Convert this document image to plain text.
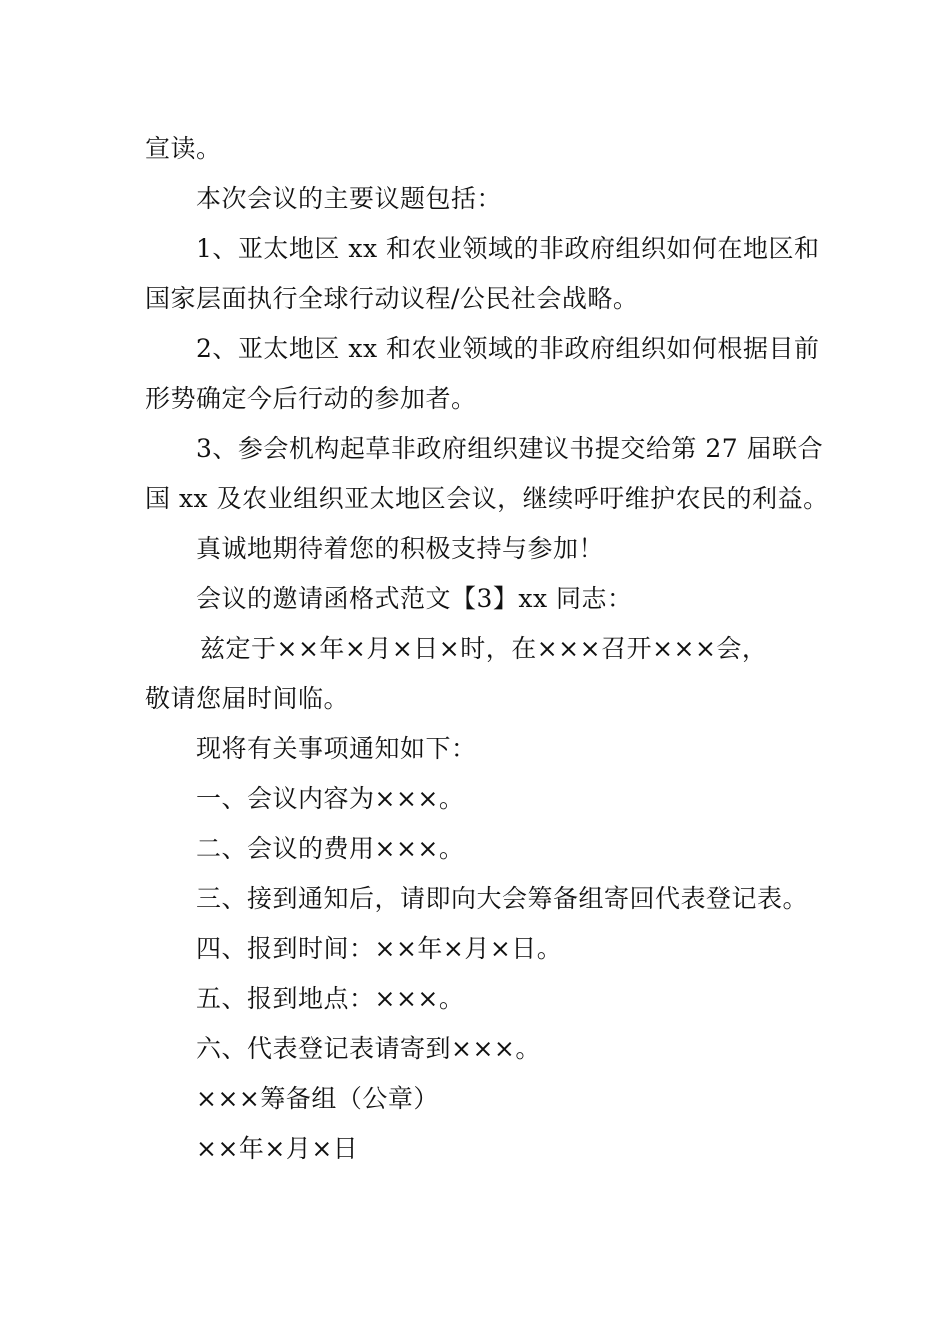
宣读。
本次会议的主要议题包括：
1、亚太地区 xx 和农业领域的非政府组织如何在地区和
国家层面执行全球行动议程/公民社会战略。
2、亚太地区 xx 和农业领域的非政府组织如何根据目前
形势确定今后行动的参加者。
3、参会机构起草非政府组织建议书提交给第 27 届联合
国 xx 及农业组织亚太地区会议，继续呼吁维护农民的利益。
真诚地期待着您的积极支持与参加！
会议的邀请函格式范文【3】xx 同志：
兹定于××年×月×日×时，在×××召开×××会，
敬请您届时间临。
现将有关事项通知如下：
一、会议内容为×××。
二、会议的费用×××。
三、接到通知后，请即向大会筹备组寄回代表登记表。
四、报到时间：××年×月×日。
五、报到地点：×××。
六、代表登记表请寄到×××。
×××筹备组（公章）
××年×月×日
